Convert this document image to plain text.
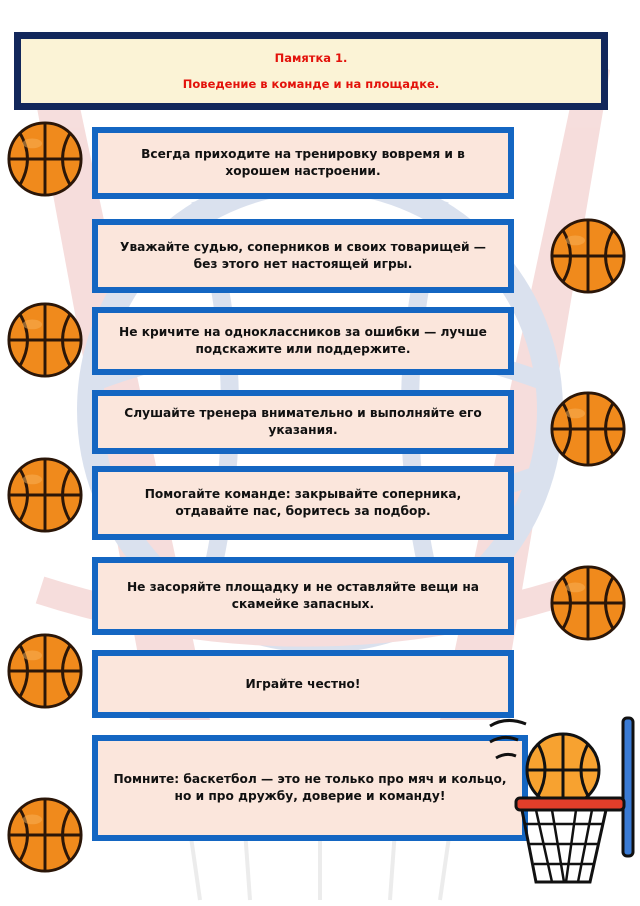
Памятка 1.
Поведение в команде и на площадке.
Всегда приходите на тренировку вовремя и в хорошем настроении.
Уважайте судью, соперников и своих товарищей — без этого нет настоящей игры.
Не кричите на одноклассников за ошибки — лучше подскажите или поддержите.
Слушайте тренера внимательно и выполняйте его указания.
Помогайте команде: закрывайте соперника, отдавайте пас, боритесь за подбор.
Не засоряйте площадку и не оставляйте вещи на скамейке запасных.
Играйте честно!
Помните: баскетбол — это не только про мяч и кольцо, но и про дружбу, доверие и команду!
